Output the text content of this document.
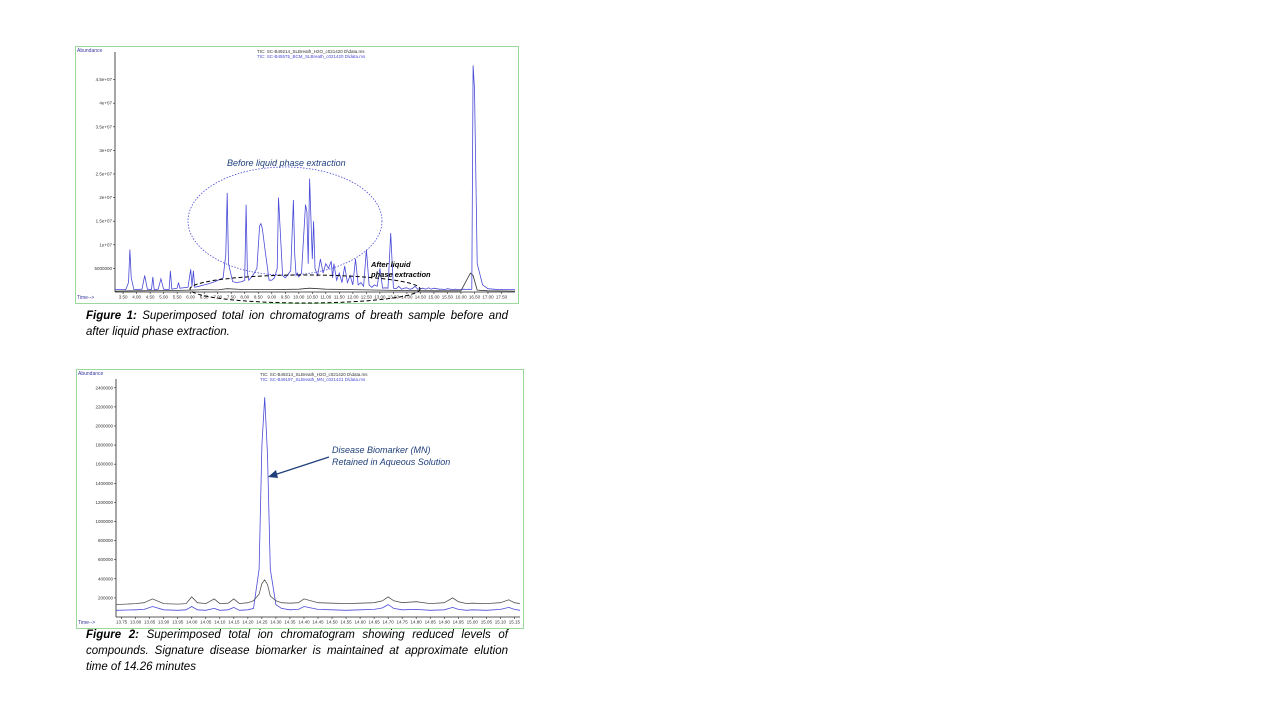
Abundance
Time-->
TIC: SC-B49214_SLBreath_H2O_c021420 D\data.ms
TIC: SC-B45575_BCM_SLBreath_c021420 D\data.ms
5000000
1e+07
1.5e+07
2e+07
2.5e+07
3e+07
3.5e+07
4e+07
4.5e+07
3.50 4.00 4.50 5.00 5.50 6.00 6.50 7.00 7.50 8.00 8.50 9.00 9.50 10.00 10.50 11.00 11.50 12.00 12.50 13.00 13.50 14.00 14.50 15.00 15.50 16.00 16.50 17.00 17.50
Before liquid phase extraction
After liquid phase extraction
Figure 1: Superimposed total ion chromatograms of breath sample before and after liquid phase extraction.
Abundance
Time-->
TIC: SC-B49214_SLBreath_H2O_c021420 D\data.ms
TIC: SC-B49197_SLBreath_MN_c021421 D\data.ms
200000
400000
600000
800000
1000000
1200000
1400000
1600000
1800000
2000000
2200000
2400000
13.75 13.80 13.85 13.90 13.95 14.00 14.05 14.10 14.15 14.20 14.25 14.30 14.35 14.40 14.45 14.50 14.55 14.60 14.65 14.70 14.75 14.80 14.85 14.90 14.95 15.00 15.05 15.10 15.15
Disease Biomarker (MN) Retained in Aqueous Solution
Figure 2: Superimposed total ion chromatogram showing reduced levels of compounds. Signature disease biomarker is maintained at approximate elution time of 14.26 minutes
